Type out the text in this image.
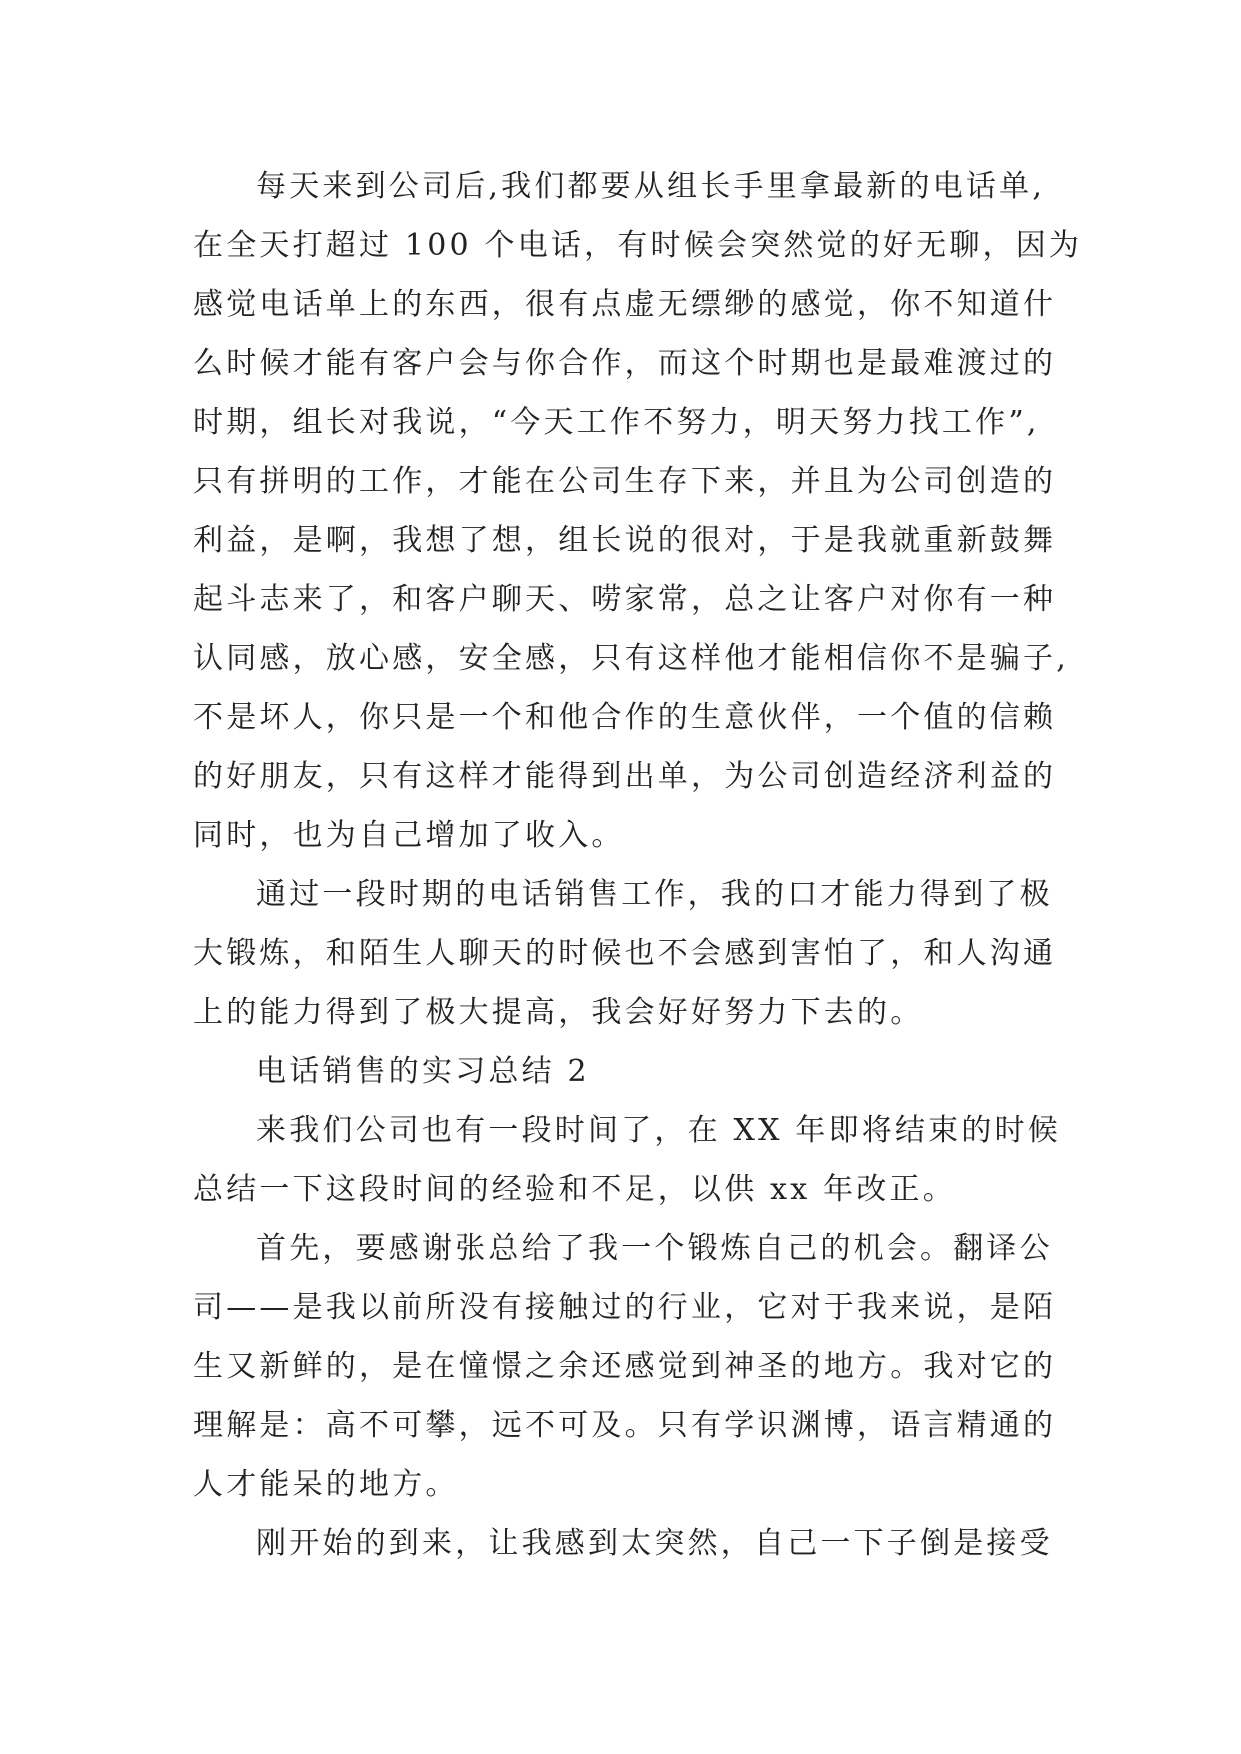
每天来到公司后,我们都要从组长手里拿最新的电话单,
在全天打超过 100 个电话，有时候会突然觉的好无聊，因为
感觉电话单上的东西，很有点虚无缥缈的感觉，你不知道什
么时候才能有客户会与你合作，而这个时期也是最难渡过的
时期，组长对我说，“今天工作不努力，明天努力找工作”,
只有拼明的工作，才能在公司生存下来，并且为公司创造的
利益，是啊，我想了想，组长说的很对，于是我就重新鼓舞
起斗志来了，和客户聊天、唠家常，总之让客户对你有一种
认同感，放心感，安全感，只有这样他才能相信你不是骗子,
不是坏人，你只是一个和他合作的生意伙伴，一个值的信赖
的好朋友，只有这样才能得到出单，为公司创造经济利益的
同时，也为自己增加了收入。
通过一段时期的电话销售工作，我的口才能力得到了极
大锻炼，和陌生人聊天的时候也不会感到害怕了，和人沟通
上的能力得到了极大提高，我会好好努力下去的。
电话销售的实习总结 2
来我们公司也有一段时间了，在 XX 年即将结束的时候
总结一下这段时间的经验和不足，以供 xx 年改正。
首先，要感谢张总给了我一个锻炼自己的机会。翻译公
司——是我以前所没有接触过的行业，它对于我来说，是陌
生又新鲜的，是在憧憬之余还感觉到神圣的地方。我对它的
理解是：高不可攀，远不可及。只有学识渊博，语言精通的
人才能呆的地方。
刚开始的到来，让我感到太突然，自己一下子倒是接受
